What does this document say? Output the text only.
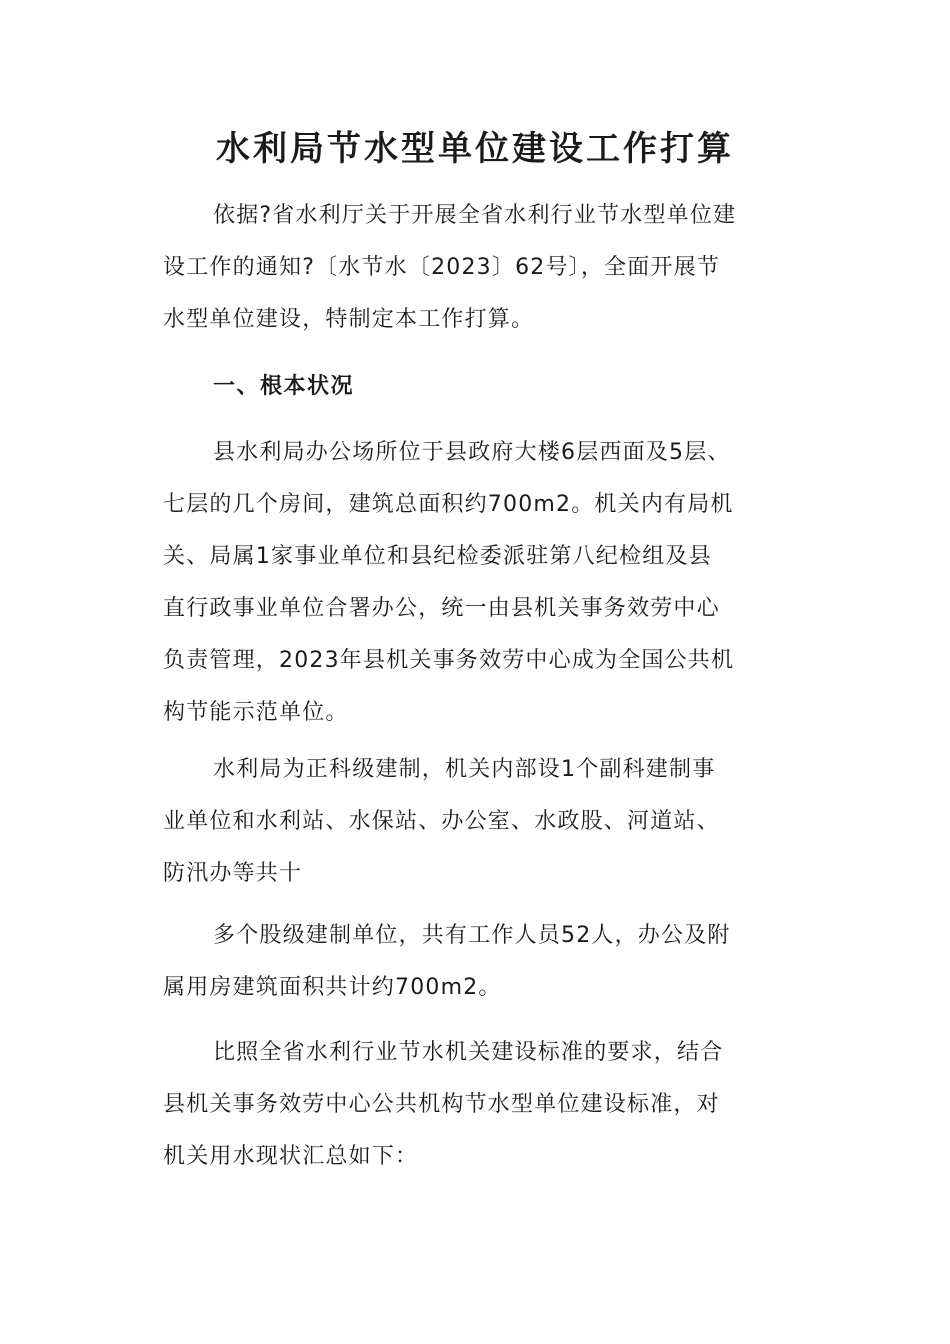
水利局节水型单位建设工作打算

依据?省水利厅关于开展全省水利行业节水型单位建
设工作的通知?〔水节水〔2023〕62号〕，全面开展节
水型单位建设，特制定本工作打算。

一、根本状况

县水利局办公场所位于县政府大楼6层西面及5层、
七层的几个房间，建筑总面积约700m2。机关内有局机
关、局属1家事业单位和县纪检委派驻第八纪检组及县
直行政事业单位合署办公，统一由县机关事务效劳中心
负责管理，2023年县机关事务效劳中心成为全国公共机
构节能示范单位。

水利局为正科级建制，机关内部设1个副科建制事
业单位和水利站、水保站、办公室、水政股、河道站、
防汛办等共十

多个股级建制单位，共有工作人员52人，办公及附
属用房建筑面积共计约700m2。

比照全省水利行业节水机关建设标准的要求，结合
县机关事务效劳中心公共机构节水型单位建设标准，对
机关用水现状汇总如下：
